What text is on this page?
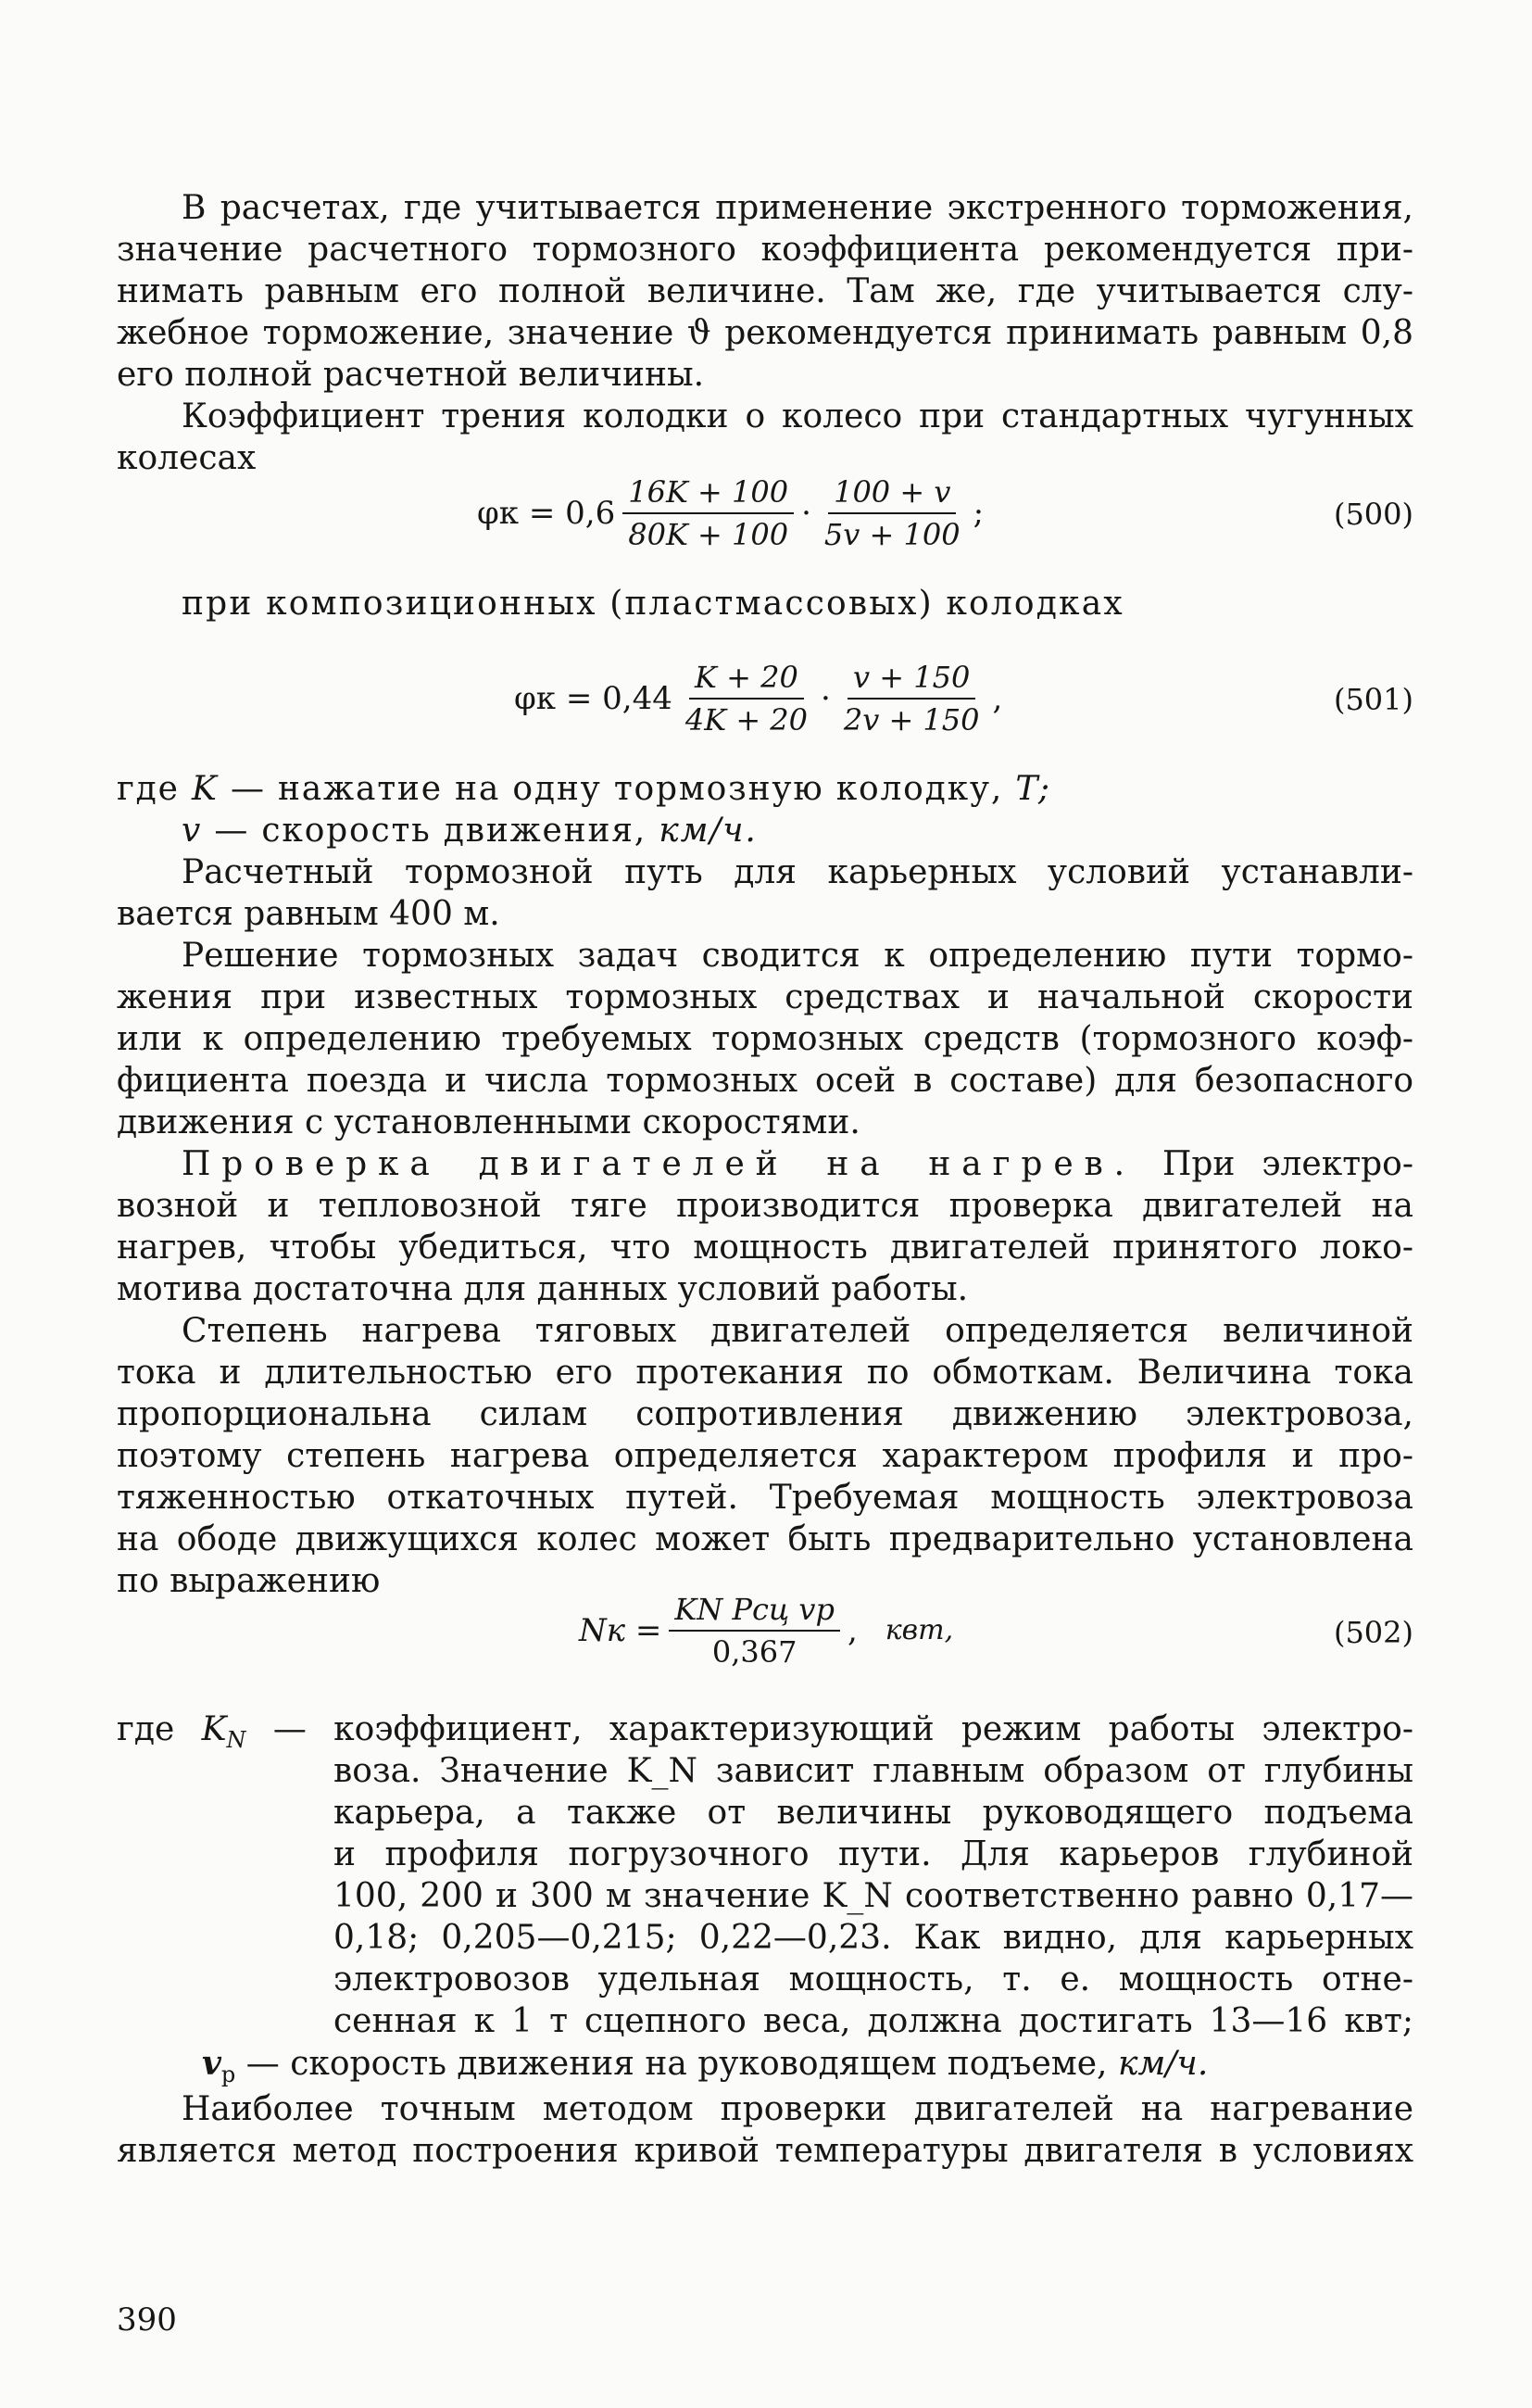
В расчетах, где учитывается применение экстренного торможения,
значение расчетного тормозного коэффициента рекомендуется при-
нимать равным его полной величине. Там же, где учитывается слу-
жебное торможение, значение ϑ рекомендуется принимать равным 0,8
его полной расчетной величины.
Коэффициент трения колодки о колесо при стандартных чугунных
колесах
$\varphi к = 0,6 \frac{16K + 100}{80K + 100} \cdot \frac{100 + v}{5v + 100}$ ;	(500)
при композиционных (пластмассовых) колодках
$\varphi к = 0,44 \frac{K + 20}{4K + 20} \cdot \frac{v + 150}{2v + 150}$ ,	(501)
где K — нажатие на одну тормозную колодку, T;
v — скорость движения, км/ч.
Расчетный тормозной путь для карьерных условий устанавли-
вается равным 400 м.
Решение тормозных задач сводится к определению пути тормо-
жения при известных тормозных средствах и начальной скорости
или к определению требуемых тормозных средств (тормозного коэф-
фициента поезда и числа тормозных осей в составе) для безопасного
движения с установленными скоростями.
Проверка двигателей на нагрев. При электро-
возной и тепловозной тяге производится проверка двигателей на
нагрев, чтобы убедиться, что мощность двигателей принятого локо-
мотива достаточна для данных условий работы.
Степень нагрева тяговых двигателей определяется величиной
тока и длительностью его протекания по обмоткам. Величина тока
пропорциональна силам сопротивления движению электровоза,
поэтому степень нагрева определяется характером профиля и про-
тяженностью откаточных путей. Требуемая мощность электровоза
на ободе движущихся колес может быть предварительно установлена
по выражению
Nк = $\frac{\text{KN Pсц vр}}{0,367}$ , квт,	(502)
где $K_N$ — коэффициент, характеризующий режим работы электро-
воза. Значение K_N зависит главным образом от глубины
карьера, а также от величины руководящего подъема
и профиля погрузочного пути. Для карьеров глубиной
100, 200 и 300 м значение K_N соответственно равно 0,17—
0,18; 0,205—0,215; 0,22—0,23. Как видно, для карьерных
электровозов удельная мощность, т. е. мощность отне-
сенная к 1 т сцепного веса, должна достигать 13—16 квт;
$v_р$ — скорость движения на руководящем подъеме, км/ч.
Наиболее точным методом проверки двигателей на нагревание
является метод построения кривой температуры двигателя в условиях
390
